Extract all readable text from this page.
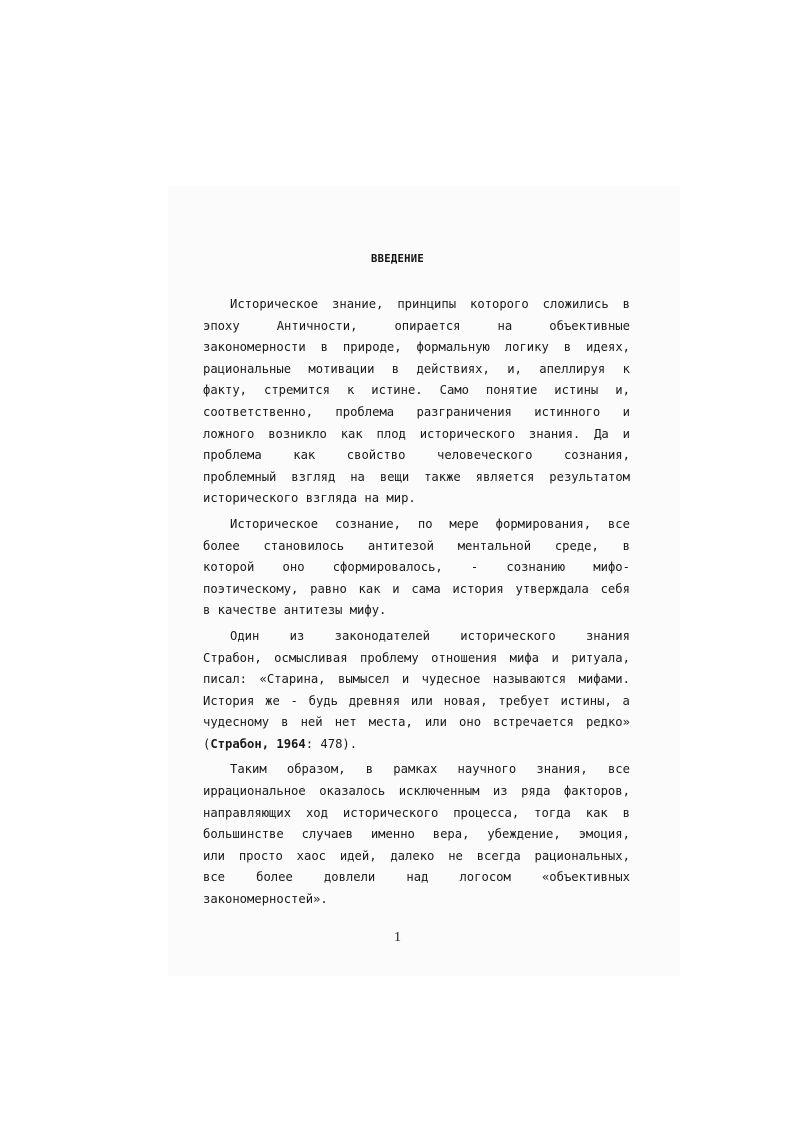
ВВЕДЕНИЕ
Историческое знание, принципы которого сложились в
эпоху	Античности,	опирается	на	объективные
закономерности в природе, формальную логику в идеях,
рациональные мотивации в действиях, и, апеллируя к
факту, стремится к истине. Само понятие истины и,
соответственно, проблема разграничения истинного и
ложного возникло как плод исторического знания. Да и
проблема	как	свойство	человеческого	сознания,
проблемный взгляд на вещи также является результатом
исторического взгляда на мир.
Историческое сознание, по мере формирования, все
более становилось антитезой ментальной среде, в
которой оно сформировалось, - сознанию мифо-
поэтическому, равно как и сама история утверждала себя
в качестве антитезы мифу.
Один из законодателей исторического знания
Страбон, осмысливая проблему отношения мифа и ритуала,
писал: «Старина, вымысел и чудесное называются мифами.
История же - будь древняя или новая, требует истины, а
чудесному в ней нет места, или оно встречается редко»
( Страбон, 1964 : 478).
Таким образом, в рамках научного знания, все
иррациональное оказалось исключенным из ряда факторов,
направляющих ход исторического процесса, тогда как в
большинстве случаев именно вера, убеждение, эмоция,
или просто хаос идей, далеко не всегда рациональных,
все	более	довлели	над	логосом	«объективных
закономерностей».
1
